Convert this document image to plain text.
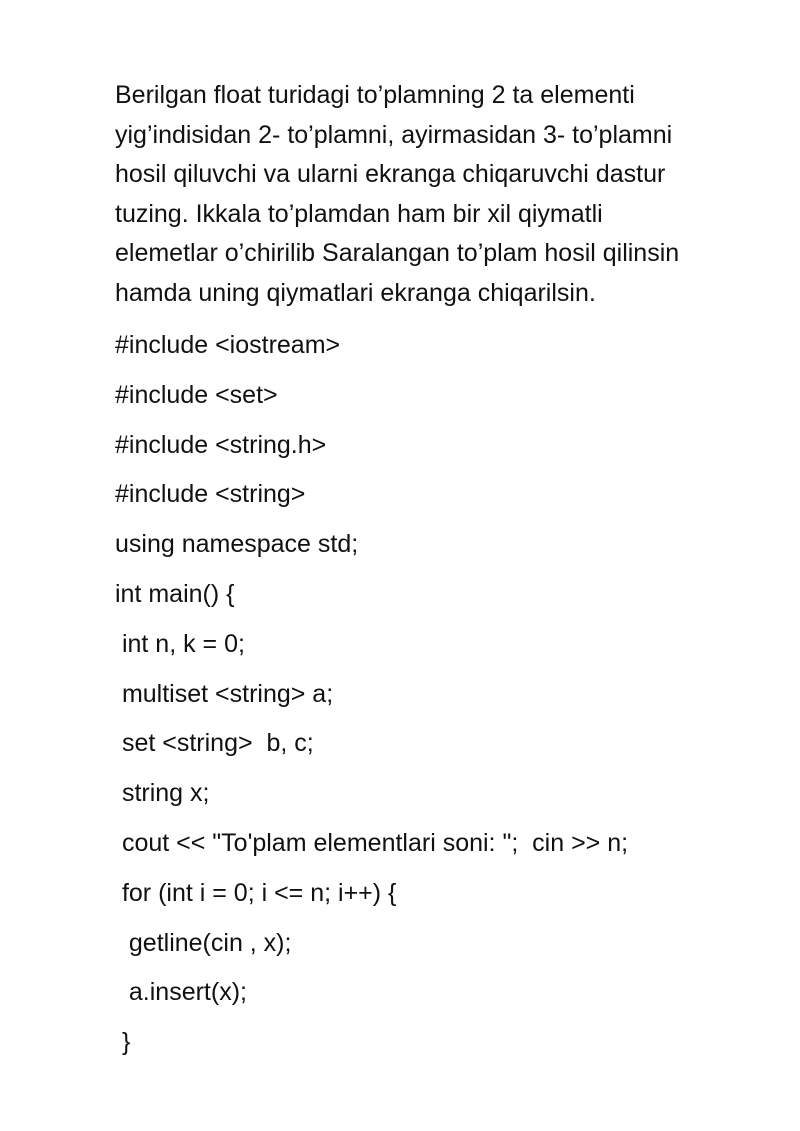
Berilgan float turidagi to’plamning 2 ta elementi
yig’indisidan 2- to’plamni, ayirmasidan 3- to’plamni
hosil qiluvchi va ularni ekranga chiqaruvchi dastur
tuzing. Ikkala to’plamdan ham bir xil qiymatli
elemetlar o’chirilib Saralangan to’plam hosil qilinsin
hamda uning qiymatlari ekranga chiqarilsin.

#include <iostream>
#include <set>
#include <string.h>
#include <string>
using namespace std;
int main() {
int n, k = 0;
multiset <string> a;
set <string>  b, c;
string x;
cout << "To'plam elementlari soni: ";  cin >> n;
for (int i = 0; i <= n; i++) {
getline(cin , x);
a.insert(x);
}
